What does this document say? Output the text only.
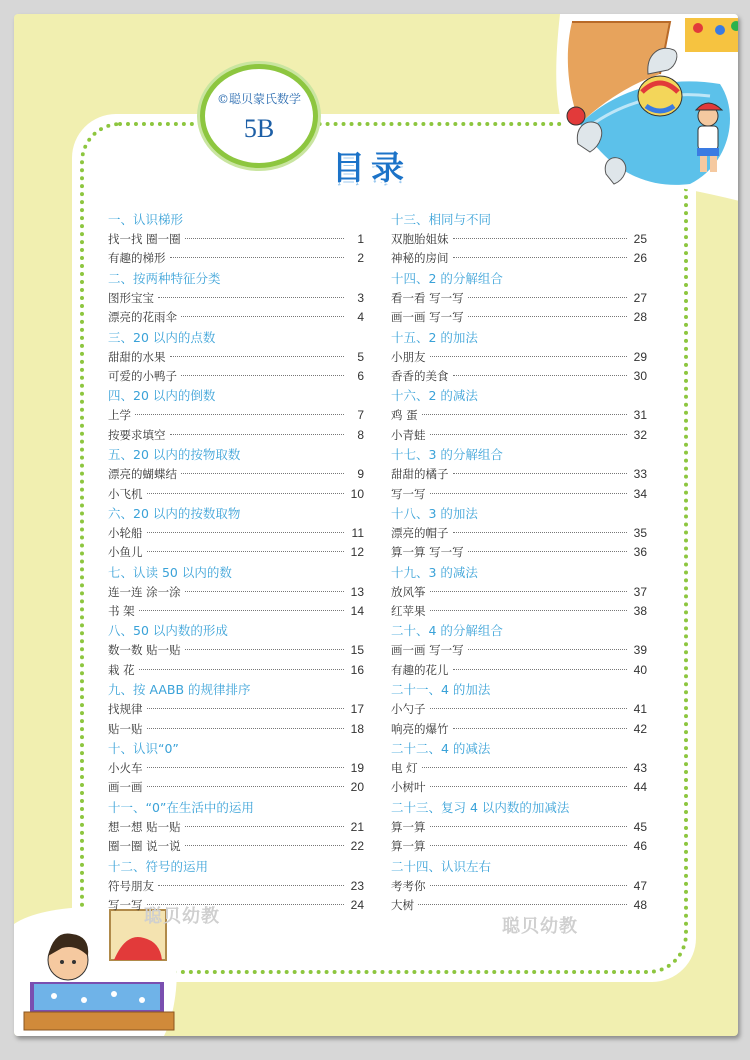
聪贝幼教	聪贝幼教
©聪贝蒙氏数学
5B
目录
一、认识梯形
找一找 圈一圈	1
有趣的梯形	2
二、按两种特征分类
图形宝宝	3
漂亮的花雨伞	4
三、20 以内的点数
甜甜的水果	5
可爱的小鸭子	6
四、20 以内的倒数
上学	7
按要求填空	8
五、20 以内的按物取数
漂亮的蝴蝶结	9
小飞机	10
六、20 以内的按数取物
小轮船	11
小鱼儿	12
七、认读 50 以内的数
连一连 涂一涂	13
书 架	14
八、50 以内数的形成
数一数 贴一贴	15
栽 花	16
九、按 AABB 的规律排序
找规律	17
贴一贴	18
十、认识“0”
小火车	19
画一画	20
十一、“0”在生活中的运用
想一想 贴一贴	21
圈一圈 说一说	22
十二、符号的运用
符号朋友	23
写一写	24
十三、相同与不同
双胞胎姐妹	25
神秘的房间	26
十四、2 的分解组合
看一看 写一写	27
画一画 写一写	28
十五、2 的加法
小朋友	29
香香的美食	30
十六、2 的减法
鸡 蛋	31
小青蛙	32
十七、3 的分解组合
甜甜的橘子	33
写一写	34
十八、3 的加法
漂亮的帽子	35
算一算 写一写	36
十九、3 的减法
放风筝	37
红苹果	38
二十、4 的分解组合
画一画 写一写	39
有趣的花儿	40
二十一、4 的加法
小勺子	41
响亮的爆竹	42
二十二、4 的减法
电 灯	43
小树叶	44
二十三、复习 4 以内数的加减法
算一算	45
算一算	46
二十四、认识左右
考考你	47
大树	48
